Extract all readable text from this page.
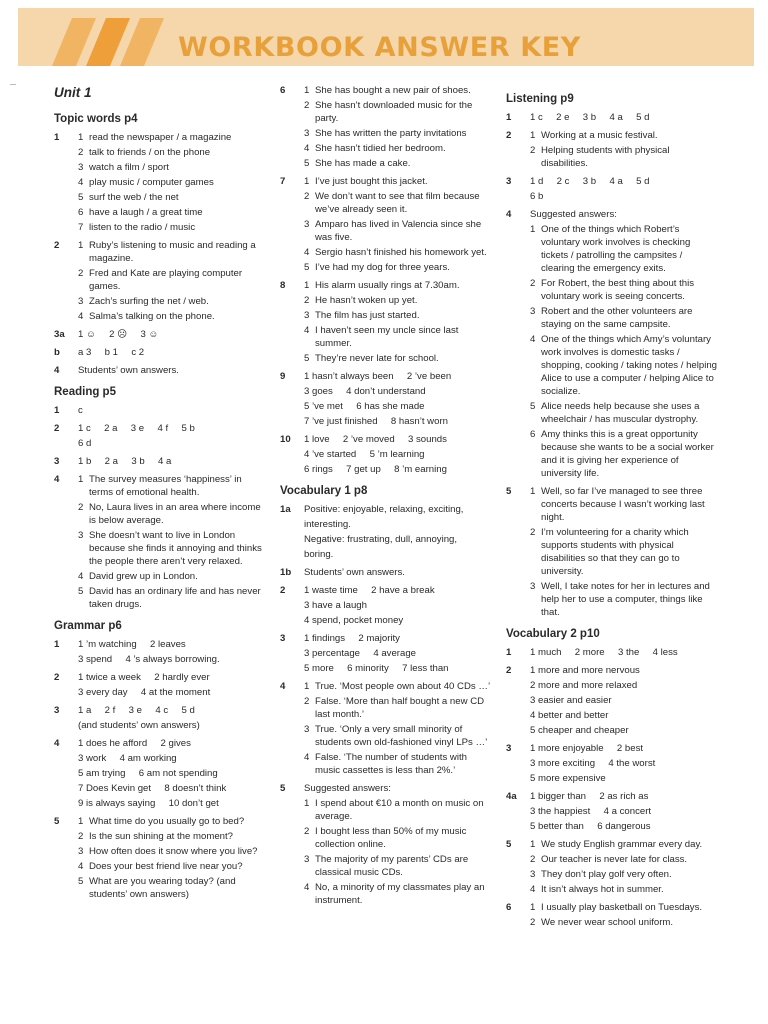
WORKBOOK ANSWER KEY
Unit 1
Topic words p4
1 1 read the newspaper / a magazine
2 talk to friends / on the phone
3 watch a film / sport
4 play music / computer games
5 surf the web / the net
6 have a laugh / a great time
7 listen to the radio / music
2 1 Ruby’s listening to music and reading a magazine.
2 Fred and Kate are playing computer games.
3 Zach’s surfing the net / web.
4 Salma’s talking on the phone.
3a 1 ☺     2 ☹     3 ☺
b a 3     b 1     c 2
4 Students’ own answers.
Reading p5
1 c
2 1 c     2 a     3 e     4 f     5 b
6 d
3 1 b     2 a     3 b     4 a
4 1 The survey measures ‘happiness’ in terms of emotional health.
2 No, Laura lives in an area where income is below average.
3 She doesn’t want to live in London because she finds it annoying and thinks the people there aren’t very relaxed.
4 David grew up in London.
5 David has an ordinary life and has never taken drugs.
Grammar p6
1 1 ’m watching     2 leaves
3 spend     4 ’s always borrowing.
2 1 twice a week     2 hardly ever
3 every day     4 at the moment
3 1 a     2 f     3 e     4 c     5 d
(and students’ own answers)
4 1 does he afford     2 gives
3 work     4 am working
5 am trying     6 am not spending
7 Does Kevin get     8 doesn’t think
9 is always saying     10 don’t get
5 1 What time do you usually go to bed?
2 Is the sun shining at the moment?
3 How often does it snow where you live?
4 Does your best friend live near you?
5 What are you wearing today? (and students’ own answers)
6 1 She has bought a new pair of shoes.
2 She hasn’t downloaded music for the party.
3 She has written the party invitations
4 She hasn’t tidied her bedroom.
5 She has made a cake.
7 1 I’ve just bought this jacket.
2 We don’t want to see that film because we’ve already seen it.
3 Amparo has lived in Valencia since she was five.
4 Sergio hasn’t finished his homework yet.
5 I’ve had my dog for three years.
8 1 His alarm usually rings at 7.30am.
2 He hasn’t woken up yet.
3 The film has just started.
4 I haven’t seen my uncle since last summer.
5 They’re never late for school.
9 1 hasn’t always been     2 ’ve been
3 goes     4 don’t understand
5 ’ve met     6 has she made
7 ’ve just finished     8 hasn’t worn
10 1 love     2 ’ve moved     3 sounds
4 ’ve started     5 ’m learning
6 rings     7 get up     8 ’m earning
Vocabulary 1 p8
1a Positive: enjoyable, relaxing, exciting,
interesting.
Negative: frustrating, dull, annoying,
boring.
1b Students’ own answers.
2 1 waste time     2 have a break
3 have a laugh
4 spend, pocket money
3 1 findings     2 majority
3 percentage     4 average
5 more     6 minority     7 less than
4 1 True. ‘Most people own about 40 CDs …’
2 False. ‘More than half bought a new CD last month.’
3 True. ‘Only a very small minority of students own old-fashioned vinyl LPs …’
4 False. ‘The number of students with music cassettes is less than 2%.’
5 Suggested answers:
1 I spend about €10 a month on music on average.
2 I bought less than 50% of my music collection online.
3 The majority of my parents’ CDs are classical music CDs.
4 No, a minority of my classmates play an instrument.
Listening p9
1 1 c     2 e     3 b     4 a     5 d
2 1 Working at a music festival.
2 Helping students with physical disabilities.
3 1 d     2 c     3 b     4 a     5 d
6 b
4 Suggested answers:
1 One of the things which Robert’s voluntary work involves is checking tickets / patrolling the campsites / clearing the emergency exits.
2 For Robert, the best thing about this voluntary work is seeing concerts.
3 Robert and the other volunteers are staying on the same campsite.
4 One of the things which Amy’s voluntary work involves is domestic tasks / shopping, cooking / taking notes / helping Alice to use a computer / helping Alice to socialize.
5 Alice needs help because she uses a wheelchair / has muscular dystrophy.
6 Amy thinks this is a great opportunity because she wants to be a social worker and it is giving her experience of university life.
5 1 Well, so far I’ve managed to see three concerts because I wasn’t working last night.
2 I’m volunteering for a charity which supports students with physical disabilities so that they can go to university.
3 Well, I take notes for her in lectures and help her to use a computer, things like that.
Vocabulary 2 p10
1 1 much     2 more     3 the     4 less
2 1 more and more nervous
2 more and more relaxed
3 easier and easier
4 better and better
5 cheaper and cheaper
3 1 more enjoyable     2 best
3 more exciting     4 the worst
5 more expensive
4a 1 bigger than     2 as rich as
3 the happiest     4 a concert
5 better than     6 dangerous
5 1 We study English grammar every day.
2 Our teacher is never late for class.
3 They don’t play golf very often.
4 It isn’t always hot in summer.
6 1 I usually play basketball on Tuesdays.
2 We never wear school uniform.
